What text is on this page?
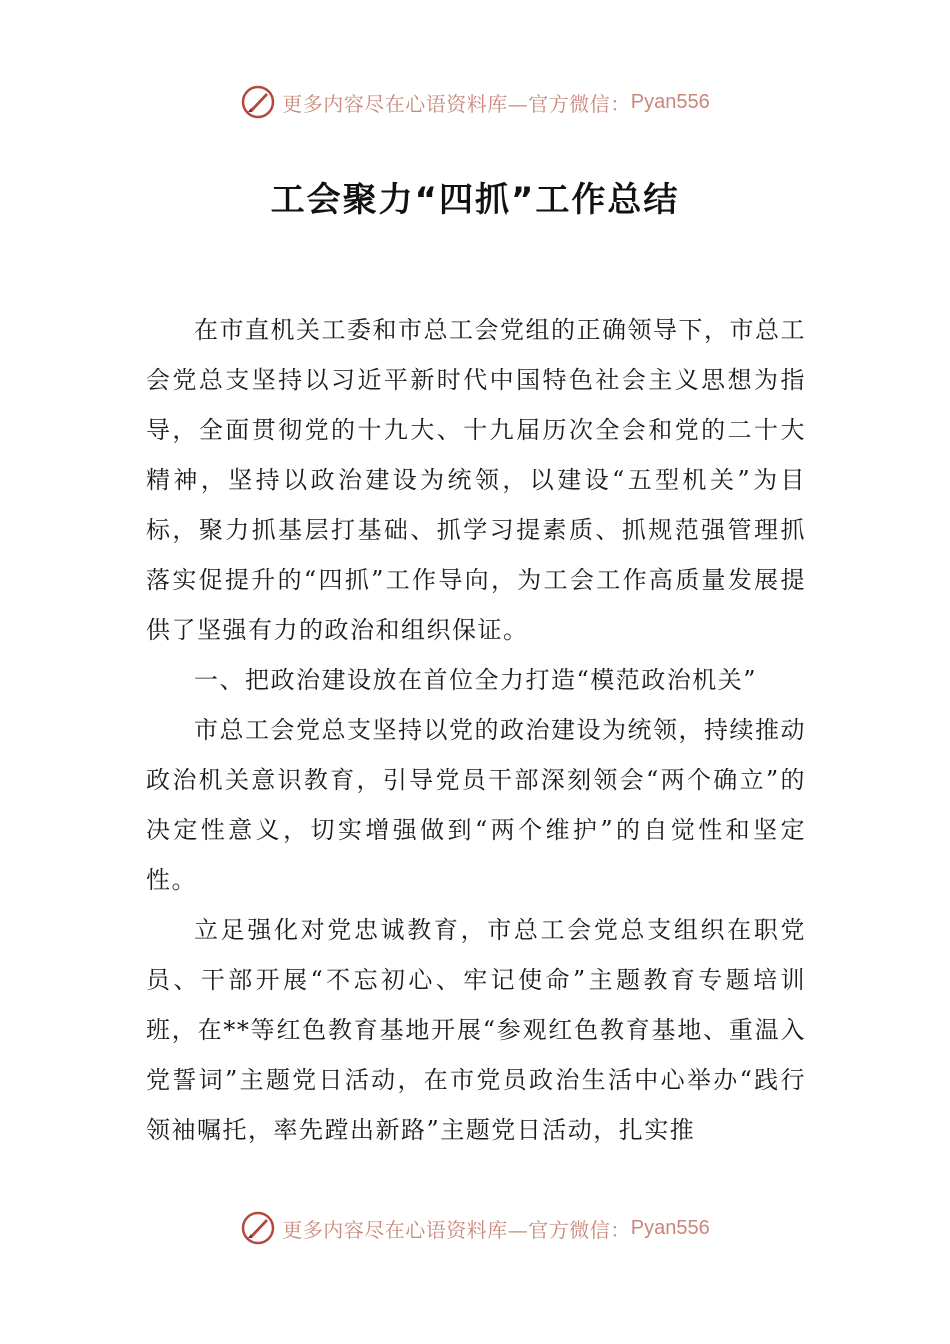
更多内容尽在心语资料库—官方微信： Pyan556
工会聚力“四抓”工作总结

在市直机关工委和市总工会党组的正确领导下，市总工会党总支坚持以习近平新时代中国特色社会主义思想为指导，全面贯彻党的十九大、十九届历次全会和党的二十大精神，坚持以政治建设为统领，以建设“五型机关”为目标，聚力抓基层打基础、抓学习提素质、抓规范强管理抓落实促提升的“四抓”工作导向，为工会工作高质量发展提供了坚强有力的政治和组织保证。

一、把政治建设放在首位全力打造“模范政治机关”

市总工会党总支坚持以党的政治建设为统领，持续推动政治机关意识教育，引导党员干部深刻领会“两个确立”的决定性意义，切实增强做到“两个维护”的自觉性和坚定性。

立足强化对党忠诚教育，市总工会党总支组织在职党员、干部开展“不忘初心、牢记使命”主题教育专题培训班，在**等红色教育基地开展“参观红色教育基地、重温入党誓词”主题党日活动，在市党员政治生活中心举办“践行领袖嘱托，率先蹚出新路”主题党日活动，扎实推

更多内容尽在心语资料库—官方微信： Pyan556
